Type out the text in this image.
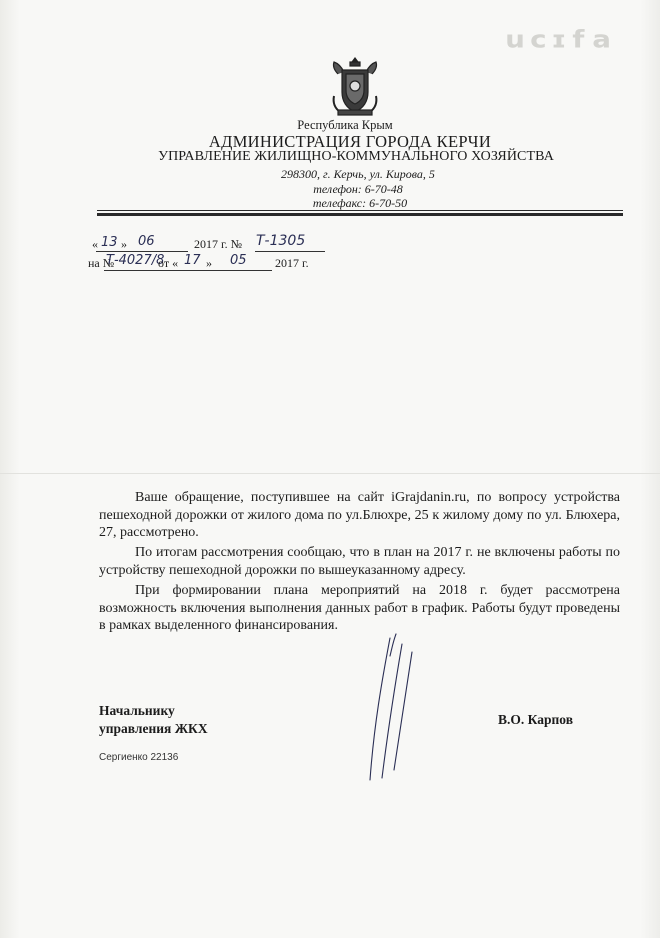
ᵘᶜᶦᶠᵃ
Республика Крым
АДМИНИСТРАЦИЯ ГОРОДА КЕРЧИ
УПРАВЛЕНИЕ ЖИЛИЩНО-КОММУНАЛЬНОГО ХОЗЯЙСТВА
298300, г. Керчь, ул. Кирова, 5
телефон: 6-70-48
телефакс: 6-70-50
« 13 » 06	2017 г. № Т-1305
на №
Т-4027/8
от « 17 » 05 2017 г.

Ваше обращение, поступившее на сайт iGrajdanin.ru, по вопросу устройства пешеходной дорожки от жилого дома по ул.Блюхре, 25 к жилому дому по ул. Блюхера, 27, рассмотрено.

По итогам рассмотрения сообщаю, что в план на 2017 г. не включены работы по устройству пешеходной дорожки по вышеуказанному адресу.

При формировании плана мероприятий на 2018 г. будет рассмотрена возможность включения выполнения данных работ в график. Работы будут проведены в рамках выделенного финансирования.

Начальнику
управления ЖКХ
В.О. Карпов
Сергиенко 22136
